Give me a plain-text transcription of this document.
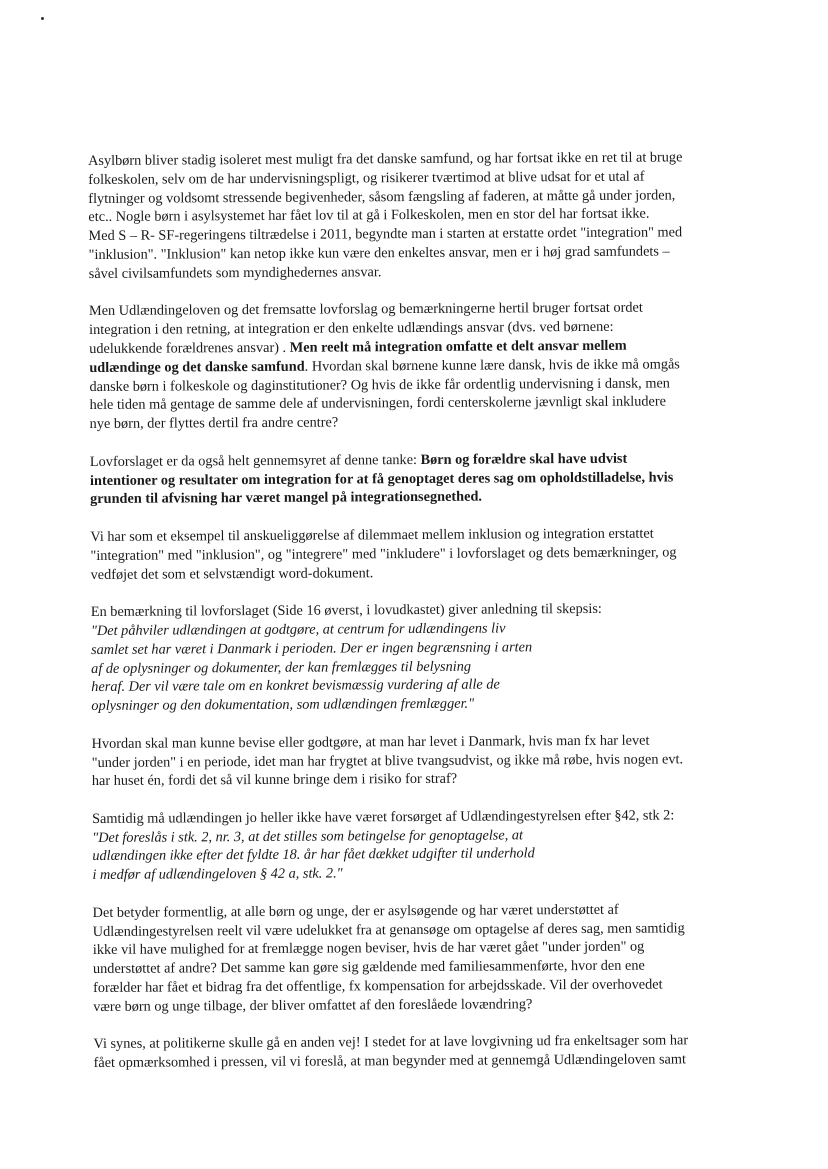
Asylbørn bliver stadig isoleret mest muligt fra det danske samfund, og har fortsat ikke en ret til at bruge
folkeskolen, selv om de har undervisningspligt, og risikerer tværtimod at blive udsat for et utal af
flytninger og voldsomt stressende begivenheder, såsom fængsling af faderen, at måtte gå under jorden,
etc.. Nogle børn i asylsystemet har fået lov til at gå i Folkeskolen, men en stor del har fortsat ikke.
Med S – R- SF-regeringens tiltrædelse i 2011, begyndte man i starten at erstatte ordet "integration" med
"inklusion". "Inklusion" kan netop ikke kun være den enkeltes ansvar, men er i høj grad samfundets –
såvel civilsamfundets som myndighedernes ansvar.

Men Udlændingeloven og det fremsatte lovforslag og bemærkningerne hertil bruger fortsat ordet
integration i den retning, at integration er den enkelte udlændings ansvar (dvs. ved børnene:
udelukkende forældrenes ansvar) . Men reelt må integration omfatte et delt ansvar mellem
udlændinge og det danske samfund. Hvordan skal børnene kunne lære dansk, hvis de ikke må omgås
danske børn i folkeskole og daginstitutioner? Og hvis de ikke får ordentlig undervisning i dansk, men
hele tiden må gentage de samme dele af undervisningen, fordi centerskolerne jævnligt skal inkludere
nye børn, der flyttes dertil fra andre centre?

Lovforslaget er da også helt gennemsyret af denne tanke: Børn og forældre skal have udvist
intentioner og resultater om integration for at få genoptaget deres sag om opholdstilladelse, hvis
grunden til afvisning har været mangel på integrationsegnethed.

Vi har som et eksempel til anskueliggørelse af dilemmaet mellem inklusion og integration erstattet
"integration" med "inklusion", og "integrere" med "inkludere" i lovforslaget og dets bemærkninger, og
vedføjet det som et selvstændigt word-dokument.

En bemærkning til lovforslaget (Side 16 øverst, i lovudkastet) giver anledning til skepsis:
"Det påhviler udlændingen at godtgøre, at centrum for udlændingens liv
samlet set har været i Danmark i perioden. Der er ingen begrænsning i arten
af de oplysninger og dokumenter, der kan fremlægges til belysning
heraf. Der vil være tale om en konkret bevismæssig vurdering af alle de
oplysninger og den dokumentation, som udlændingen fremlægger."

Hvordan skal man kunne bevise eller godtgøre, at man har levet i Danmark, hvis man fx har levet
"under jorden" i en periode, idet man har frygtet at blive tvangsudvist, og ikke må røbe, hvis nogen evt.
har huset én, fordi det så vil kunne bringe dem i risiko for straf?

Samtidig må udlændingen jo heller ikke have været forsørget af Udlændingestyrelsen efter §42, stk 2:
"Det foreslås i stk. 2, nr. 3, at det stilles som betingelse for genoptagelse, at
udlændingen ikke efter det fyldte 18. år har fået dækket udgifter til underhold
i medfør af udlændingeloven § 42 a, stk. 2."

Det betyder formentlig, at alle børn og unge, der er asylsøgende og har været understøttet af
Udlændingestyrelsen reelt vil være udelukket fra at genansøge om optagelse af deres sag, men samtidig
ikke vil have mulighed for at fremlægge nogen beviser, hvis de har været gået "under jorden" og
understøttet af andre? Det samme kan gøre sig gældende med familiesammenførte, hvor den ene
forælder har fået et bidrag fra det offentlige, fx kompensation for arbejdsskade. Vil der overhovedet
være børn og unge tilbage, der bliver omfattet af den foreslåede lovændring?

Vi synes, at politikerne skulle gå en anden vej! I stedet for at lave lovgivning ud fra enkeltsager som har
fået opmærksomhed i pressen, vil vi foreslå, at man begynder med at gennemgå Udlændingeloven samt
